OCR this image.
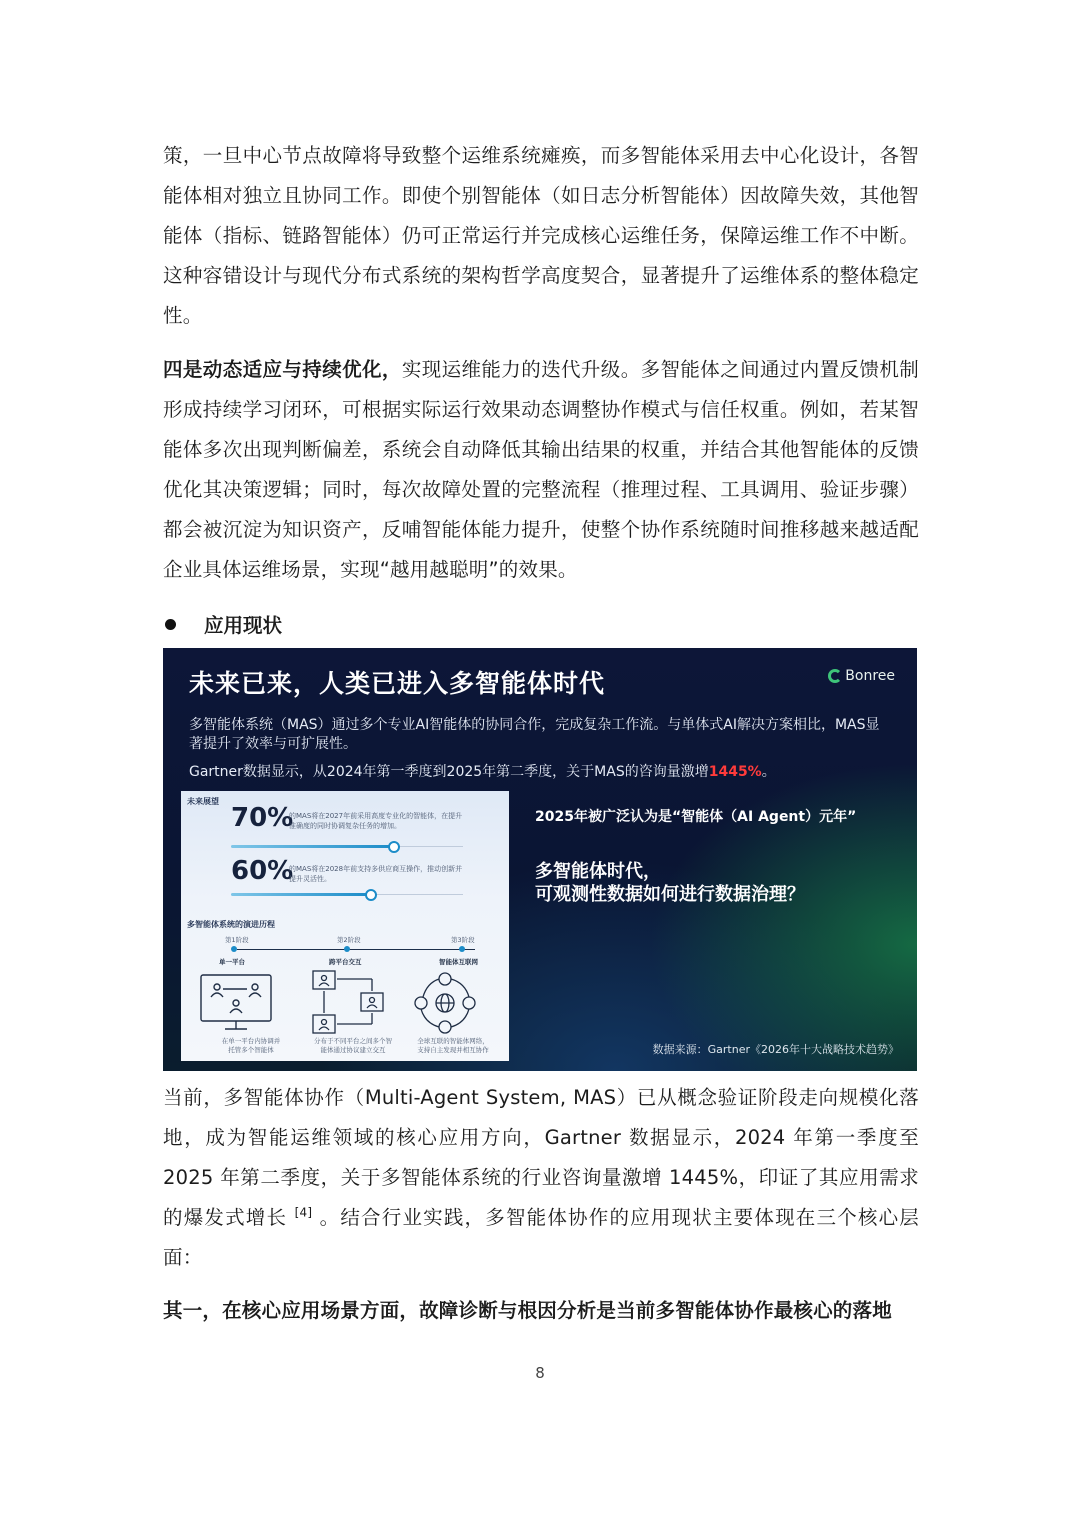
策，一旦中心节点故障将导致整个运维系统瘫痪，而多智能体采用去中心化设计，各智能体相对独立且协同工作。即使个别智能体（如日志分析智能体）因故障失效，其他智能体（指标、链路智能体）仍可正常运行并完成核心运维任务，保障运维工作不中断。这种容错设计与现代分布式系统的架构哲学高度契合，显著提升了运维体系的整体稳定性。

四是动态适应与持续优化，实现运维能力的迭代升级。多智能体之间通过内置反馈机制形成持续学习闭环，可根据实际运行效果动态调整协作模式与信任权重。例如，若某智能体多次出现判断偏差，系统会自动降低其输出结果的权重，并结合其他智能体的反馈优化其决策逻辑；同时，每次故障处置的完整流程（推理过程、工具调用、验证步骤）都会被沉淀为知识资产，反哺智能体能力提升，使整个协作系统随时间推移越来越适配企业具体运维场景，实现“越用越聪明”的效果。

应用现状
未来已来，人类已进入多智能体时代	Bonree
多智能体系统（MAS）通过多个专业AI智能体的协同合作，完成复杂工作流。与单体式AI解决方案相比，MAS显著提升了效率与可扩展性。
Gartner数据显示，从2024年第一季度到2025年第二季度，关于MAS的咨询量激增1445%。
未来展望
70%
的MAS将在2027年前采用高度专业化的智能体，在提升准确度的同时协调复杂任务的增加。
60%
的MAS将在2028年前支持多供应商互操作，推动创新并提升灵活性。
多智能体系统的演进历程
第1阶段	第2阶段	第3阶段
单一平台	跨平台交互	智能体互联网
在单一平台内协调并
托管多个智能体
分布于不同平台之间多个智
能体通过协议建立交互
全球互联的智能体网络，
支持自主发现并相互协作
2025年被广泛认为是“智能体（AI Agent）元年”
多智能体时代，
可观测性数据如何进行数据治理？
数据来源：Gartner《2026年十大战略技术趋势》

当前，多智能体协作（Multi-Agent System, MAS）已从概念验证阶段走向规模化落地，成为智能运维领域的核心应用方向，Gartner 数据显示，2024 年第一季度至 2025 年第二季度，关于多智能体系统的行业咨询量激增 1445%，印证了其应用需求的爆发式增长 [4] 。结合行业实践，多智能体协作的应用现状主要体现在三个核心层面：

其一，在核心应用场景方面，故障诊断与根因分析是当前多智能体协作最核心的落地

8
